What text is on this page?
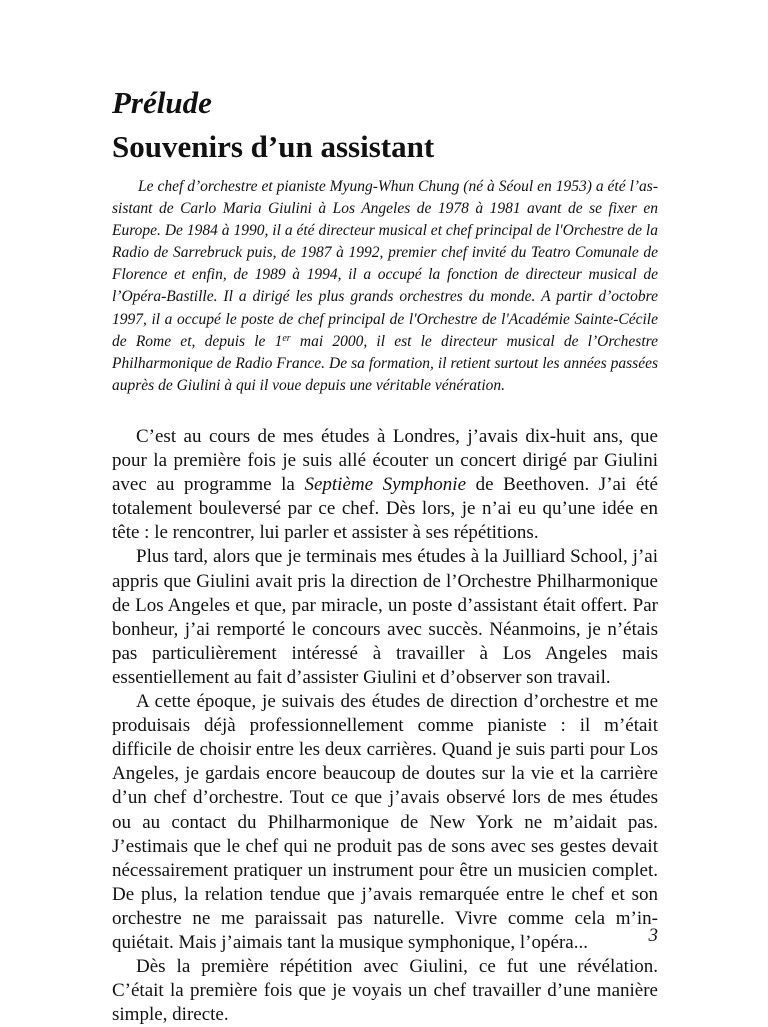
Prélude
Souvenirs d’un assistant

Le chef d’orchestre et pianiste Myung-Whun Chung (né à Séoul en 1953) a été l’assistant de Carlo Maria Giulini à Los Angeles de 1978 à 1981 avant de se fixer en Europe. De 1984 à 1990, il a été directeur musical et chef principal de l'Orchestre de la Radio de Sarrebruck puis, de 1987 à 1992, premier chef invité du Teatro Comunale de Florence et enfin, de 1989 à 1994, il a occupé la fonction de directeur musical de l’Opéra-Bastille. Il a dirigé les plus grands orchestres du monde. A partir d’octobre 1997, il a occupé le poste de chef principal de l'Orchestre de l'Académie Sainte-Cécile de Rome et, depuis le 1er mai 2000, il est le directeur musical de l’Orchestre Philharmonique de Radio France. De sa formation, il retient surtout les années passées auprès de Giulini à qui il voue depuis une véritable vénération.

C’est au cours de mes études à Londres, j’avais dix-huit ans, que pour la première fois je suis allé écouter un concert dirigé par Giulini avec au programme la Septième Symphonie de Beethoven. J’ai été totalement bouleversé par ce chef. Dès lors, je n’ai eu qu’une idée en tête : le rencontrer, lui parler et assister à ses répétitions.

Plus tard, alors que je terminais mes études à la Juilliard School, j’ai appris que Giulini avait pris la direction de l’Orchestre Philharmonique de Los Angeles et que, par miracle, un poste d’assistant était offert. Par bonheur, j’ai remporté le concours avec succès. Néanmoins, je n’étais pas particulièrement intéressé à travailler à Los Angeles mais essentiellement au fait d’assister Giulini et d’observer son travail.

A cette époque, je suivais des études de direction d’orchestre et me produisais déjà professionnellement comme pianiste : il m’était difficile de choisir entre les deux carrières. Quand je suis parti pour Los Angeles, je gardais encore beaucoup de doutes sur la vie et la carrière d’un chef d’orchestre. Tout ce que j’avais observé lors de mes études ou au contact du Philharmonique de New York ne m’aidait pas. J’estimais que le chef qui ne produit pas de sons avec ses gestes devait nécessairement pratiquer un instrument pour être un musicien complet. De plus, la relation tendue que j’avais remarquée entre le chef et son orchestre ne me paraissait pas naturelle. Vivre comme cela m’inquiétait. Mais j’aimais tant la musique symphonique, l’opéra...

Dès la première répétition avec Giulini, ce fut une révélation. C’était la première fois que je voyais un chef travailler d’une manière simple, directe.

3
